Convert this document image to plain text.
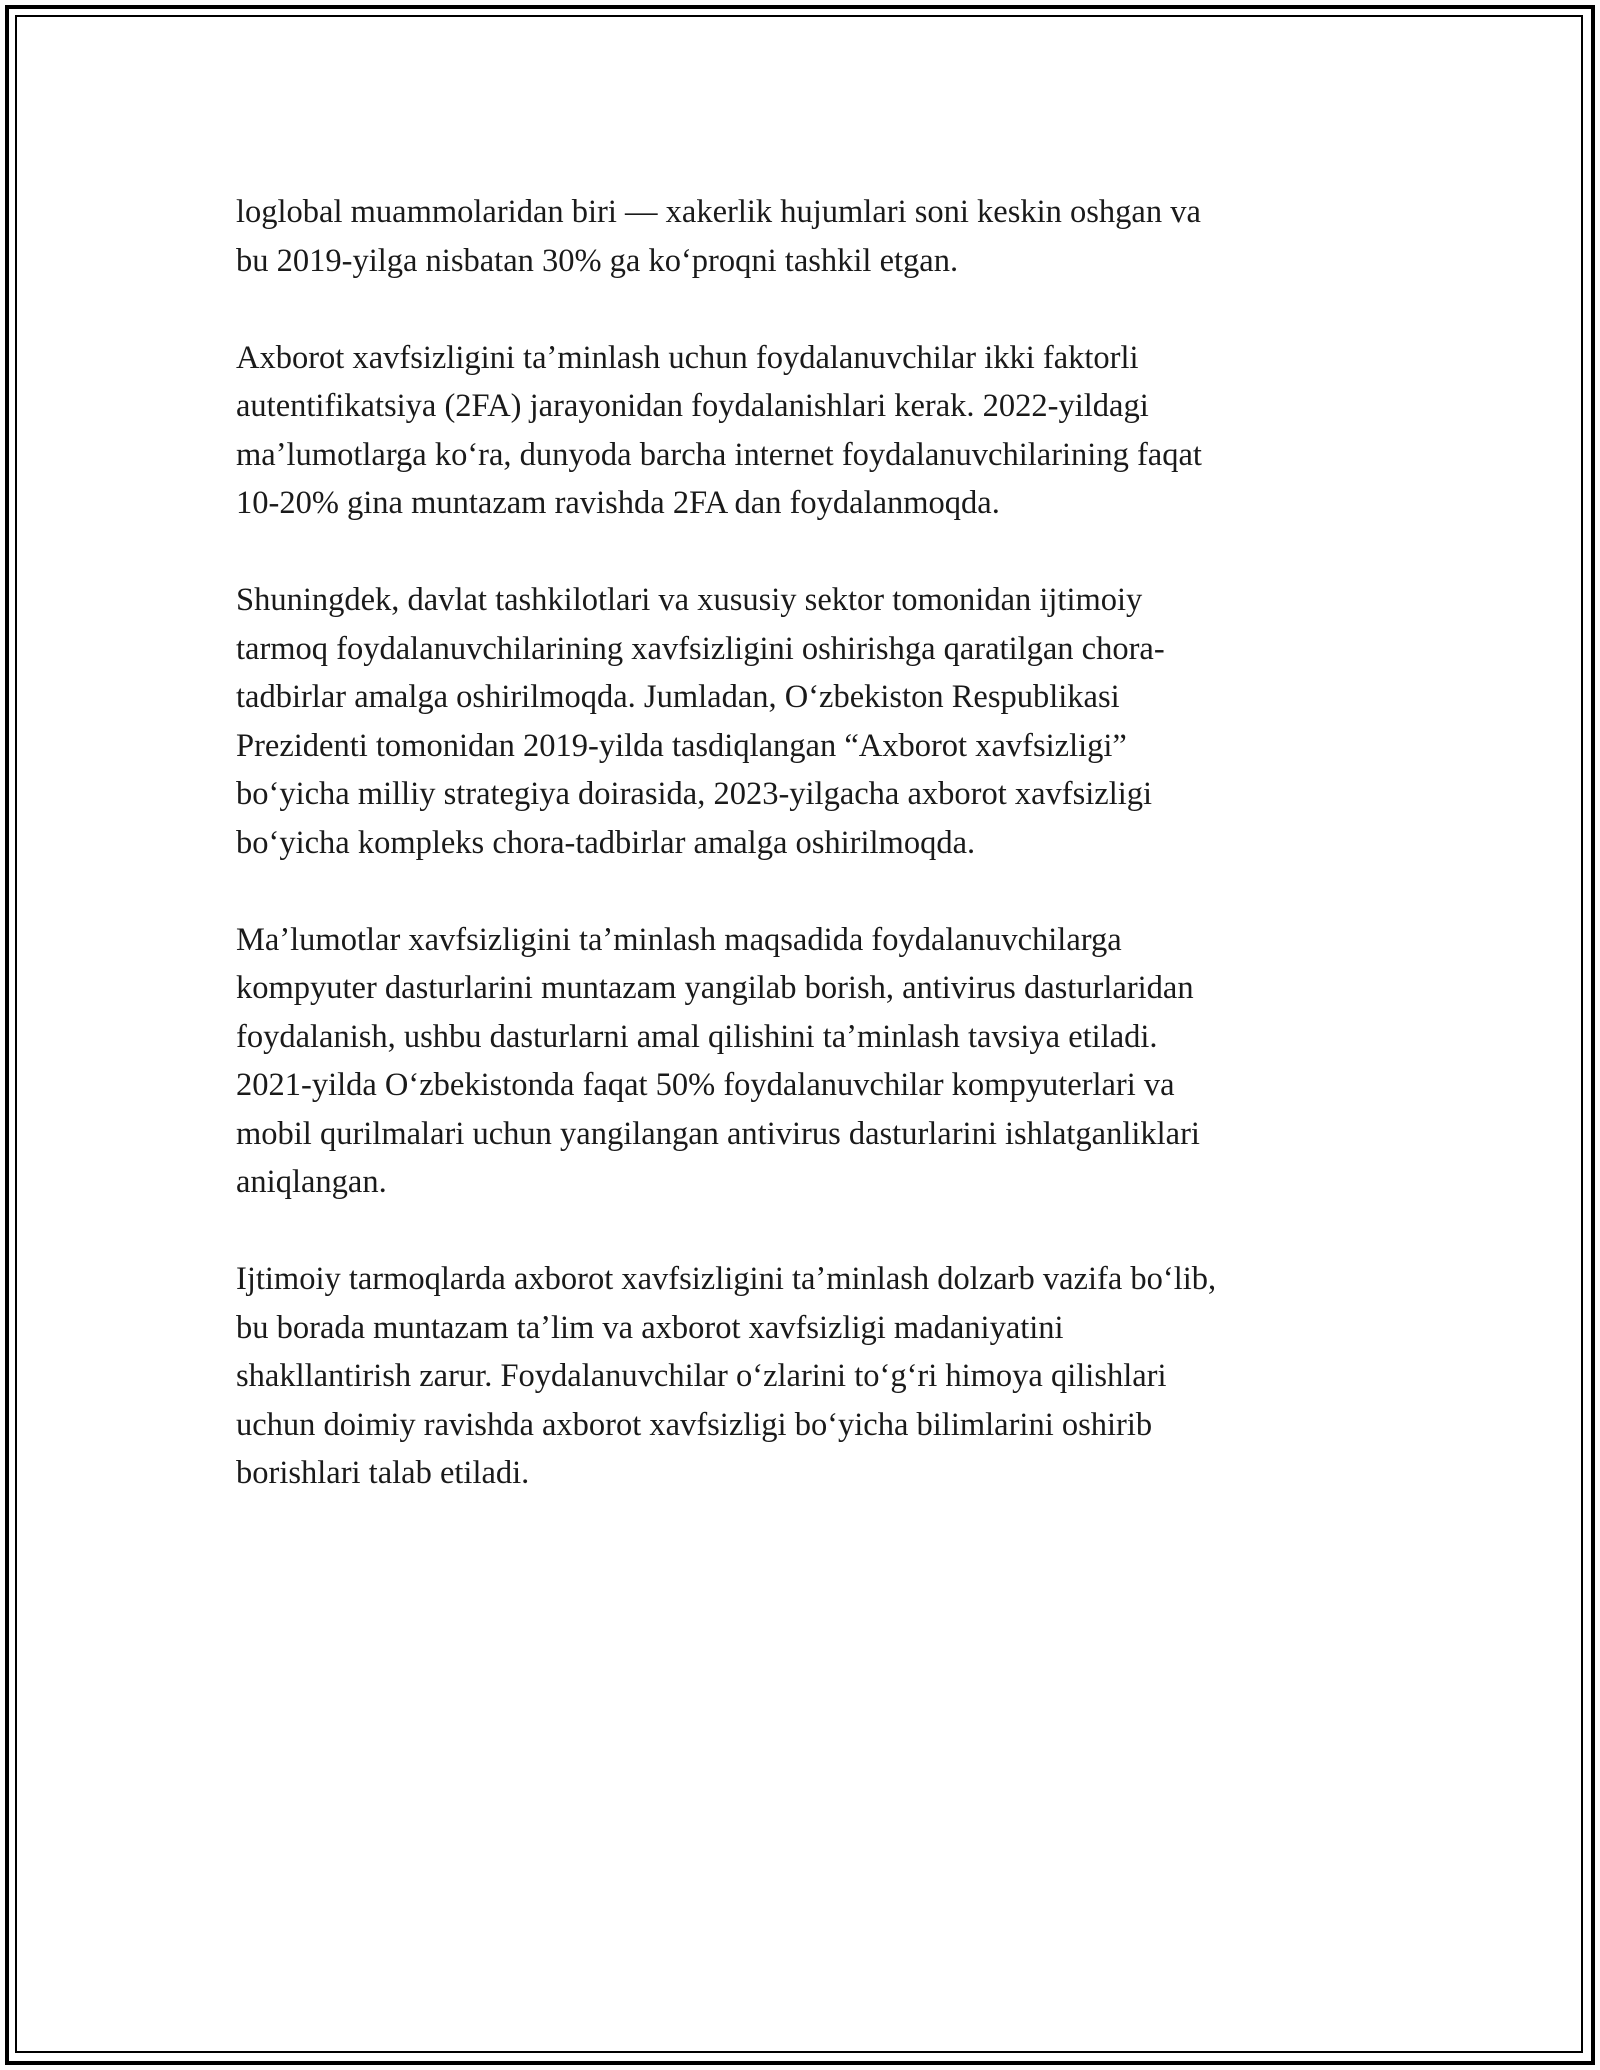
loglobal muammolaridan biri — xakerlik hujumlari soni keskin oshgan va
bu 2019-yilga nisbatan 30% ga koʻproqni tashkil etgan.

Axborot xavfsizligini taʼminlash uchun foydalanuvchilar ikki faktorli
autentifikatsiya (2FA) jarayonidan foydalanishlari kerak. 2022-yildagi
maʼlumotlarga koʻra, dunyoda barcha internet foydalanuvchilarining faqat
10-20% gina muntazam ravishda 2FA dan foydalanmoqda.

Shuningdek, davlat tashkilotlari va xususiy sektor tomonidan ijtimoiy
tarmoq foydalanuvchilarining xavfsizligini oshirishga qaratilgan chora-
tadbirlar amalga oshirilmoqda. Jumladan, Oʻzbekiston Respublikasi
Prezidenti tomonidan 2019-yilda tasdiqlangan “Axborot xavfsizligi”
boʻyicha milliy strategiya doirasida, 2023-yilgacha axborot xavfsizligi
boʻyicha kompleks chora-tadbirlar amalga oshirilmoqda.

Maʼlumotlar xavfsizligini taʼminlash maqsadida foydalanuvchilarga
kompyuter dasturlarini muntazam yangilab borish, antivirus dasturlaridan
foydalanish, ushbu dasturlarni amal qilishini taʼminlash tavsiya etiladi.
2021-yilda Oʻzbekistonda faqat 50% foydalanuvchilar kompyuterlari va
mobil qurilmalari uchun yangilangan antivirus dasturlarini ishlatganliklari
aniqlangan.

Ijtimoiy tarmoqlarda axborot xavfsizligini taʼminlash dolzarb vazifa boʻlib,
bu borada muntazam taʼlim va axborot xavfsizligi madaniyatini
shakllantirish zarur. Foydalanuvchilar oʻzlarini toʻgʻri himoya qilishlari
uchun doimiy ravishda axborot xavfsizligi boʻyicha bilimlarini oshirib
borishlari talab etiladi.
